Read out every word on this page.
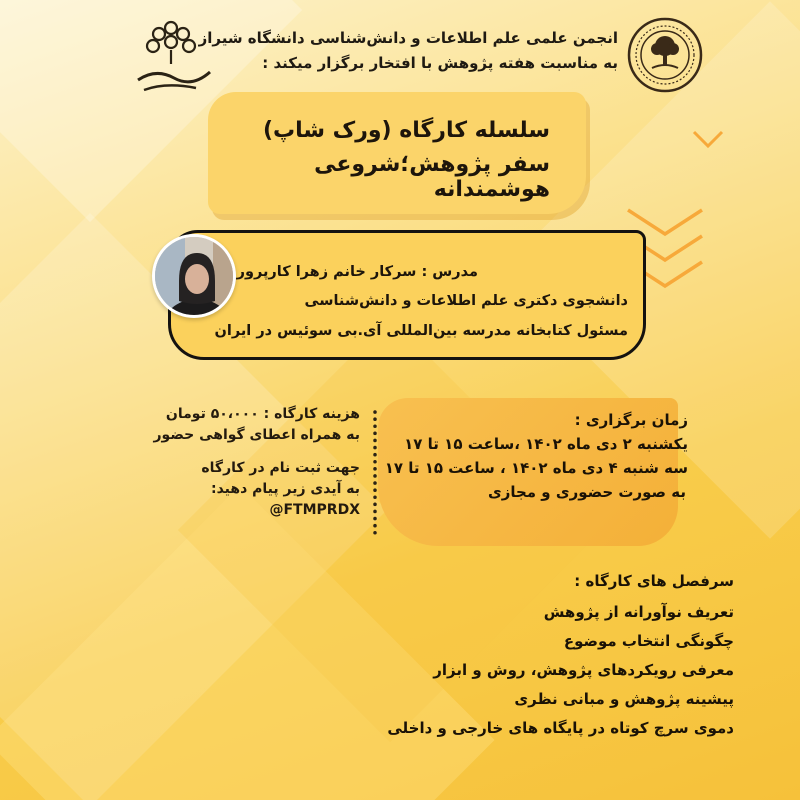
انجمن علمی علم اطلاعات و دانش‌شناسی دانشگاه شیراز
به مناسبت هفته پژوهش با افتخار برگزار میکند :
سلسله کارگاه (ورک شاپ)
سفر پژوهش؛شروعی هوشمندانه
مدرس : سرکار خانم زهرا کارپرور
دانشجوی دکتری علم اطلاعات و دانش‌شناسی
مسئول کتابخانه مدرسه بین‌المللی آی.بی سوئیس در ایران
هزینه کارگاه : ۵۰،۰۰۰ تومان
به همراه اعطای گواهی حضور
جهت ثبت نام در کارگاه
به آیدی زیر پیام دهید:
@FTMPRDX
زمان برگزاری :
یکشنبه ۲ دی ماه ۱۴۰۲ ،ساعت ۱۵ تا ۱۷
سه شنبه ۴ دی ماه ۱۴۰۲ ، ساعت ۱۵ تا ۱۷
به صورت حضوری و مجازی
سرفصل های کارگاه :
تعریف نوآورانه از پژوهش
چگونگی انتخاب موضوع
معرفی رویکردهای پژوهش، روش و ابزار
پیشینه پژوهش و مبانی نظری
دموی سرچ کوتاه در پایگاه های خارجی و داخلی
